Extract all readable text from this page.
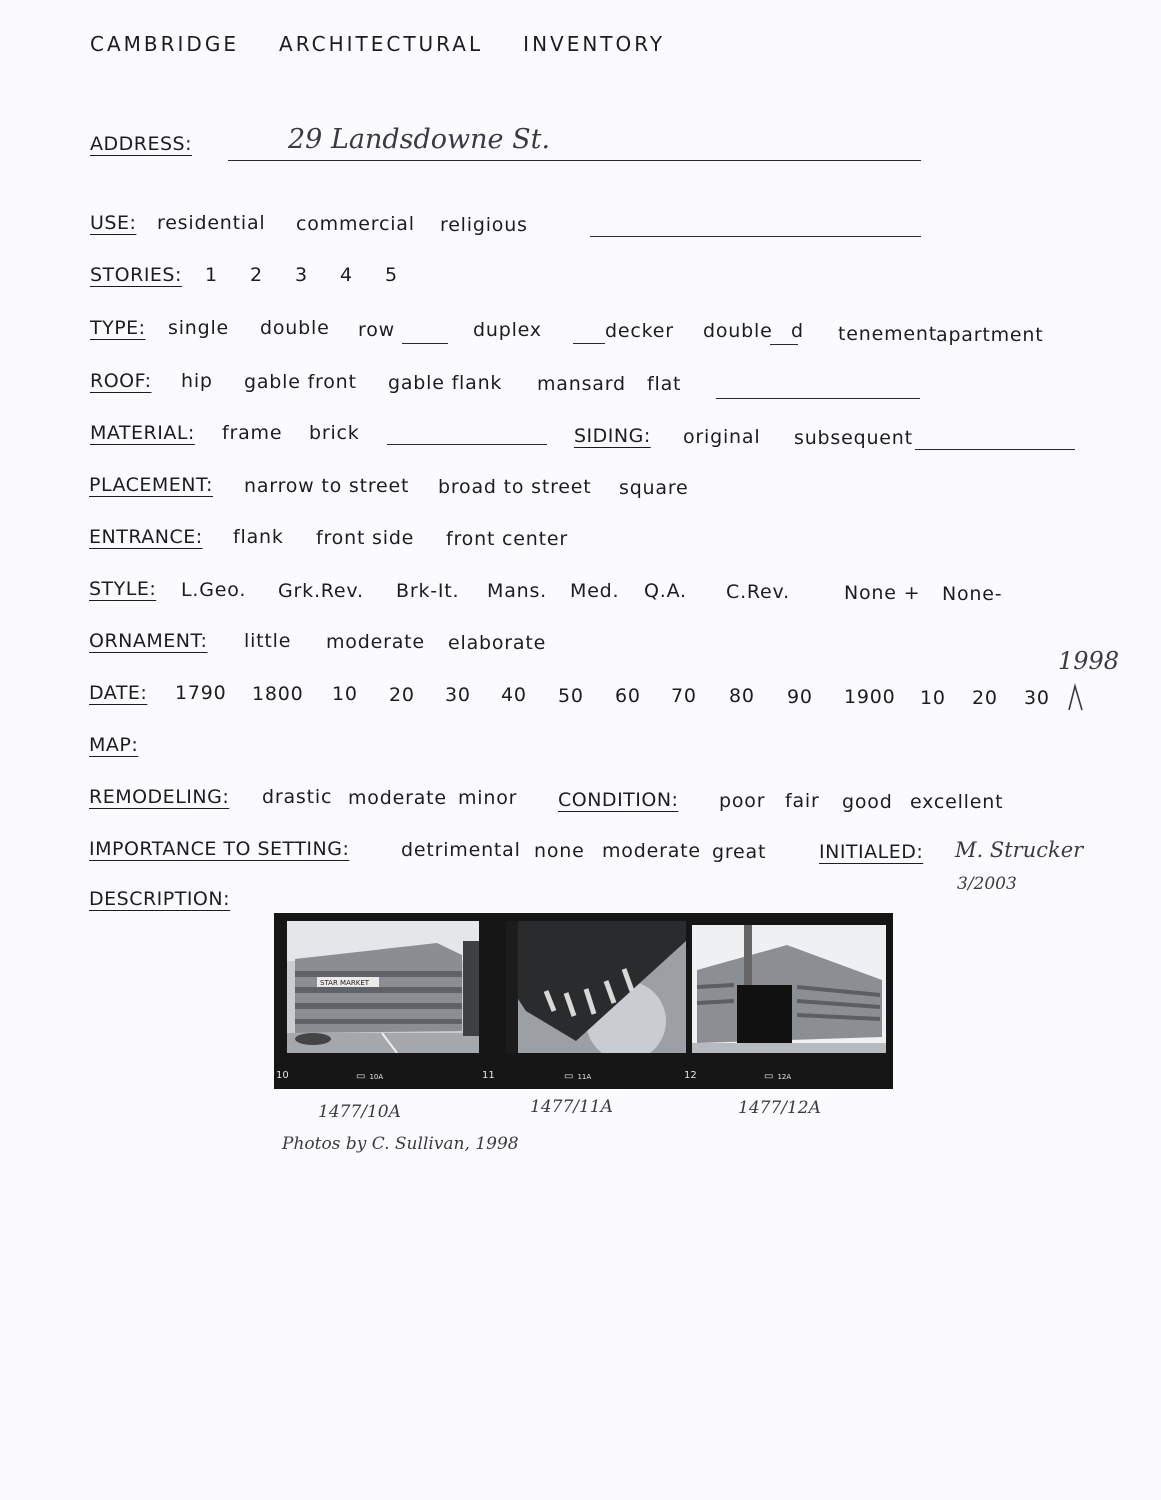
CAMBRIDGE   ARCHITECTURAL   INVENTORY
ADDRESS:	29 Landsdowne St.
USE: residential commercial religious
STORIES: 1 2 3 4 5
TYPE: single double row	duplex	decker double d tenement apartment
ROOF: hip gable front gable flank mansard flat
MATERIAL: frame brick	SIDING: original subsequent
PLACEMENT: narrow to street broad to street square
ENTRANCE: flank front side front center
STYLE: L.Geo. Grk.Rev. Brk-It. Mans. Med. Q.A. C.Rev.	None + None-
ORNAMENT: little moderate elaborate
DATE: 1790 1800 10 20 30 40 50 60 70 80 90 1900 10 20 30
1998
MAP:
REMODELING: drastic moderate minor CONDITION: poor fair good excellent
IMPORTANCE TO SETTING:	detrimental none moderate great	INITIALED: M. Strucker
3/2003
DESCRIPTION:
STAR MARKET
10	▭ 10A	11	▭ 11A	12	▭ 12A
1477/10A	1477/11A	1477/12A
Photos by C. Sullivan, 1998
